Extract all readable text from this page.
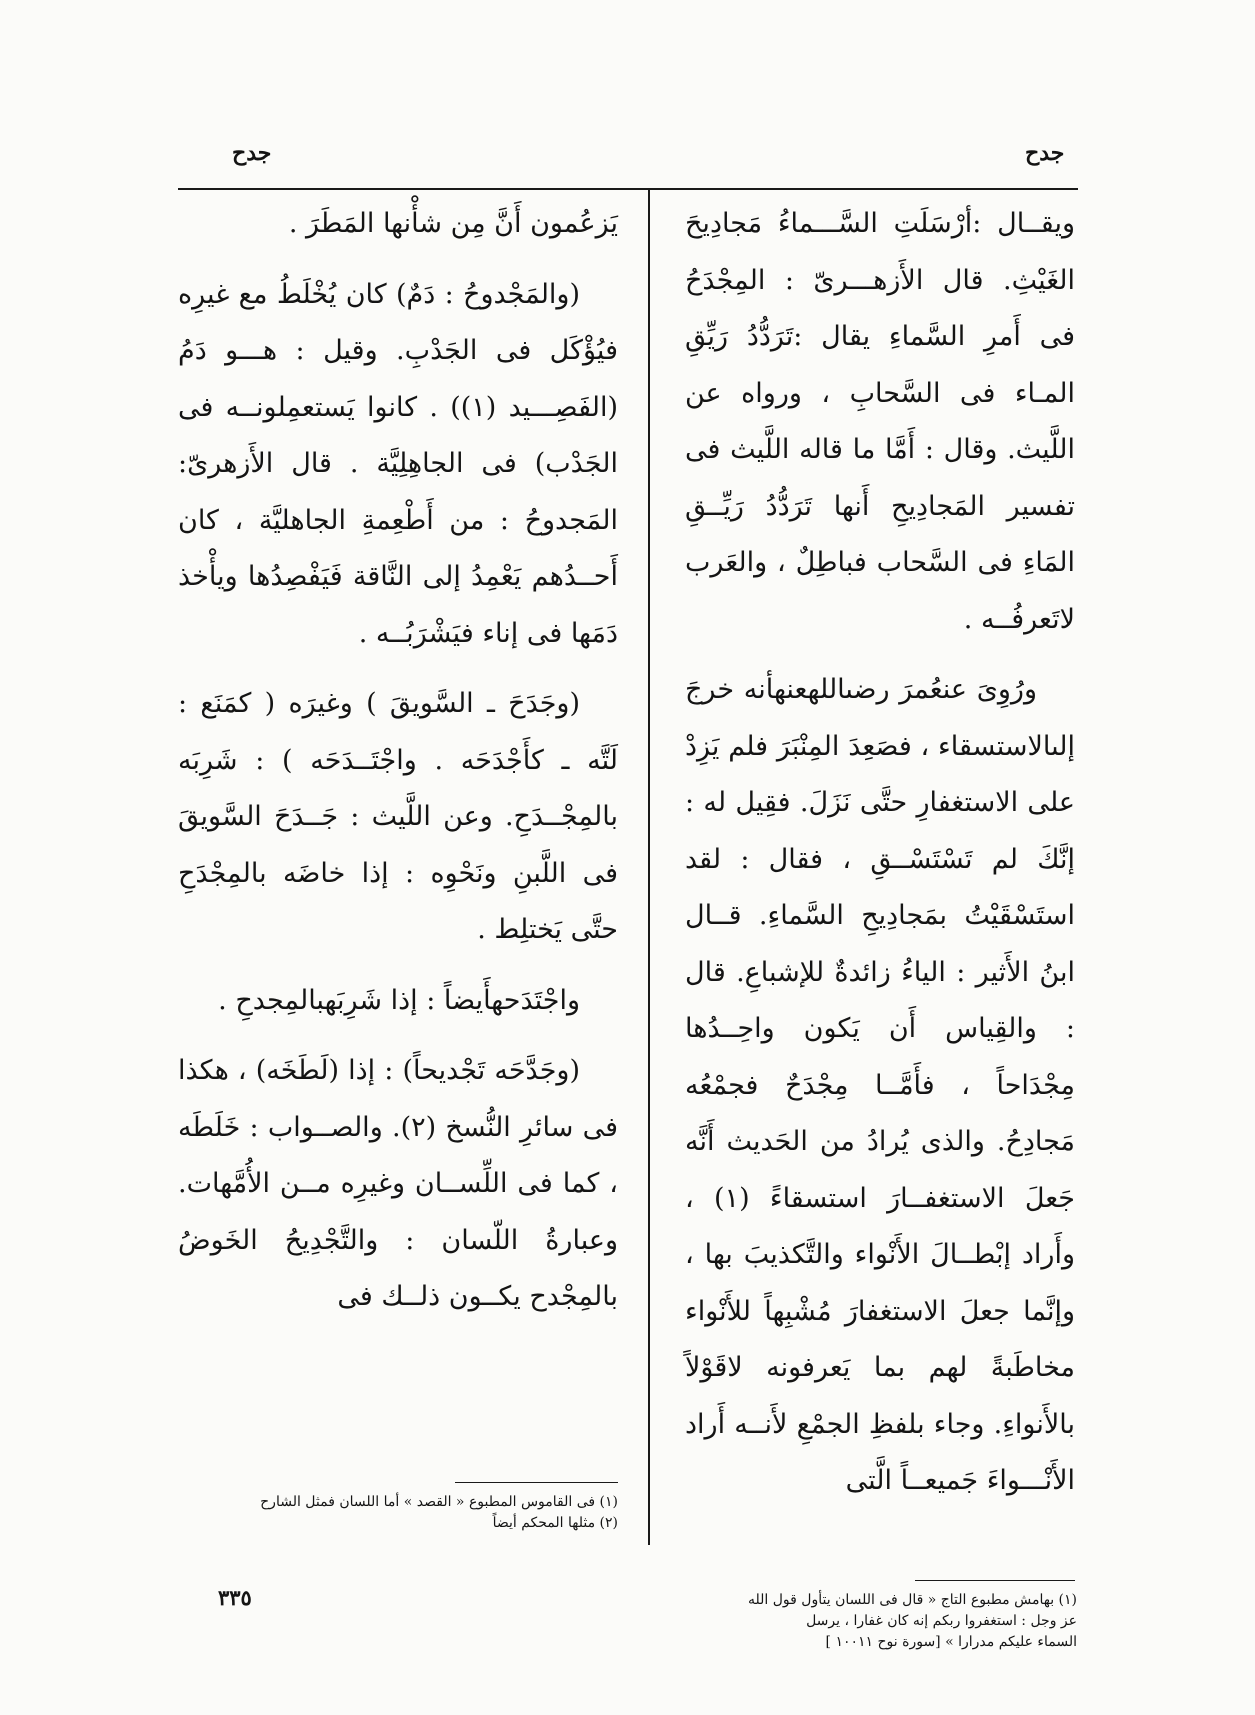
جدح
جدح

ويقــال :أرْسَلَتِ السَّـــماءُ مَجادِيحَ الغَيْثِ. قال الأَزهـــرىّ : المِجْدَحُ فى أَمرِ السَّماءِ يقال :تَرَدُّدُ رَيِّقِ المـاء فى السَّحابِ ، ورواه عن اللَّيث. وقال : أَمَّا ما قاله اللَّيث فى تفسير المَجادِيحِ أَنها تَرَدُّدُ رَيِّــقِ المَاءِ فى السَّحاب فباطِلٌ ، والعَرب لاتَعرفُــه .

ورُوِىَ عنعُمرَ رضىاللهعنهأنه خرجَ إلىالاستسقاء ، فصَعِدَ المِنْبَرَ فلم يَزِدْ على الاستغفارِ حتَّى نَزَلَ. فقِيل له : إنَّكَ لم تَسْتَسْــقِ ، فقال : لقد استَسْقَيْتُ بمَجادِيحِ السَّماءِ. قــال ابنُ الأَثير : الياءُ زائدةٌ للإشباعِ. قال : والقِياس أَن يَكون واحِــدُها مِجْدَاحاً ، فأَمَّــا مِجْدَحٌ فجمْعُه مَجادِحُ. والذى يُرادُ من الحَديث أَنَّه جَعلَ الاستغفــارَ استسقاءً (١) ، وأَراد إبْطــالَ الأَنْواء والتَّكذيبَ بها ، وإنَّما جعلَ الاستغفارَ مُشْبِهاً للأَنْواء مخاطَبةً لهم بما يَعرفونه لاقَوْلاً بالأَنواءِ. وجاء بلفظِ الجمْعِ لأَنــه أَراد الأَنْـــواءَ جَميعــاً الَّتى

يَزعُمون أَنَّ مِن شأْنها المَطَرَ .

(والمَجْدوحُ : دَمٌ) كان يُخْلَطُ مع غيرِه فيُؤْكَل فى الجَدْبِ. وقيل : هـــو دَمُ (الفَصِـــيد (١)) . كانوا يَستعمِلونــه فى الجَدْب) فى الجاهِلِيَّة . قال الأَزهرىّ: المَجدوحُ : من أَطْعِمةِ الجاهليَّة ، كان أَحــدُهم يَعْمِدُ إلى النَّاقة فَيَفْصِدُها ويأْخذ دَمَها فى إناء فيَشْرَبُــه .

(وجَدَحَ ـ السَّويقَ ) وغيرَه ( كمَنَع : لَتَّه ـ كأَجْدَحَه . واجْتَــدَحَه ) : شَرِبَه بالمِجْــدَحِ. وعن اللَّيث : جَــدَحَ السَّويقَ فى اللَّبنِ ونَحْوِه : إذا خاضَه بالمِجْدَحِ حتَّى يَختلِط .

واجْتَدَحهأَيضاً : إذا شَرِبَهبالمِجدحِ .

(وجَدَّحَه تَجْديحاً) : إذا (لَطَخَه) ، هكذا فى سائرِ النُّسخ (٢). والصــواب : خَلَطَه ، كما فى اللِّســان وغيرِه مــن الأُمَّهات. وعبارةُ اللّسان : والتَّجْدِيحُ الخَوضُ بالمِجْدح يكــون ذلــك فى

(١) بهامش مطبوع التاج « قال فى اللسان يتأول قول الله
عز وجل : استغفروا ربكم إنه كان غفارا ، يرسل
السماء عليكم مدرارا » [سورة نوح ١٠٠١١ ]
(١) فى القاموس المطبوع « القصد » أما اللسان فمثل الشارح
(٢) مثلها المحكم أيضاً
٣٣٥
